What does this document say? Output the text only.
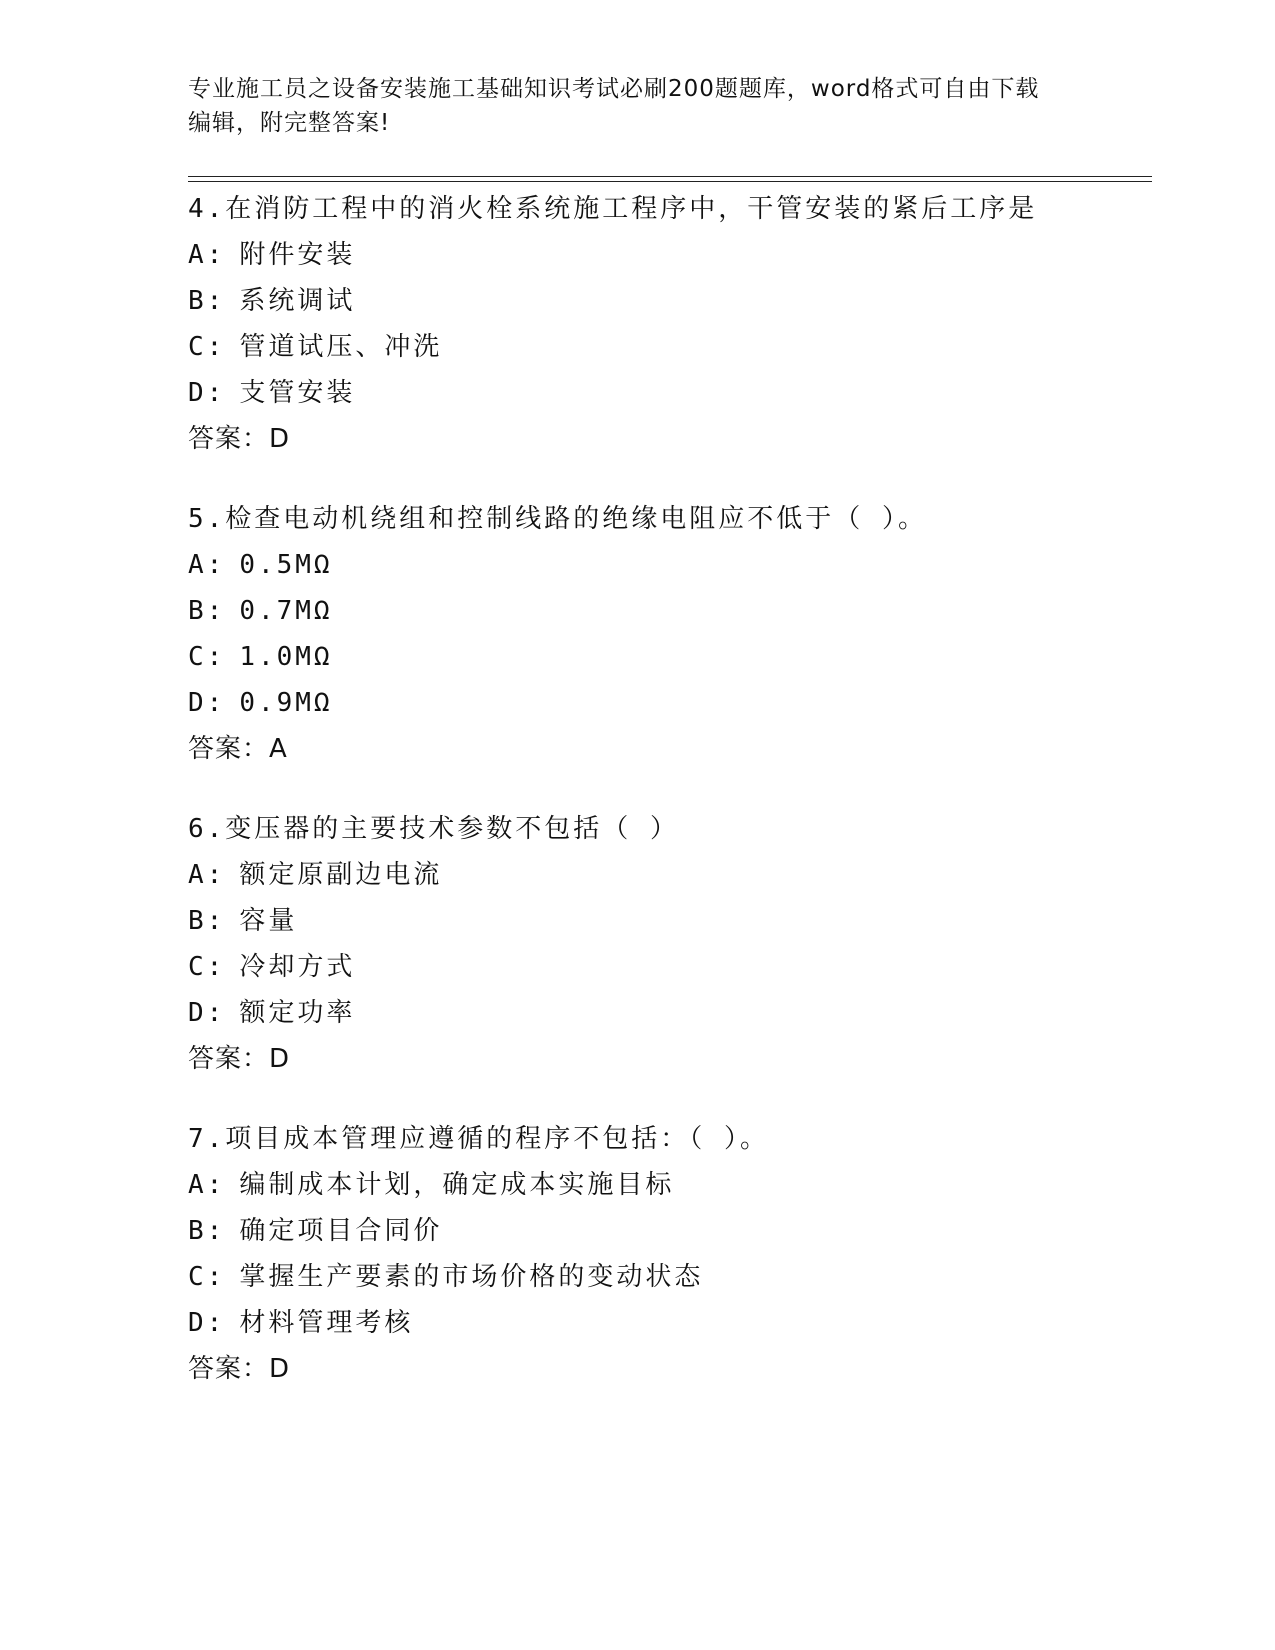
专业施工员之设备安装施工基础知识考试必刷200题题库，word格式可自由下载
编辑，附完整答案!
4.在消防工程中的消火栓系统施工程序中，干管安装的紧后工序是
A: 附件安装
B: 系统调试
C: 管道试压、冲洗
D: 支管安装
答案：D
5.检查电动机绕组和控制线路的绝缘电阻应不低于（ ）。
A: 0.5MΩ
B: 0.7MΩ
C: 1.0MΩ
D: 0.9MΩ
答案：A
6.变压器的主要技术参数不包括（ ）
A: 额定原副边电流
B: 容量
C: 冷却方式
D: 额定功率
答案：D
7.项目成本管理应遵循的程序不包括：（ ）。
A: 编制成本计划，确定成本实施目标
B: 确定项目合同价
C: 掌握生产要素的市场价格的变动状态
D: 材料管理考核
答案：D
